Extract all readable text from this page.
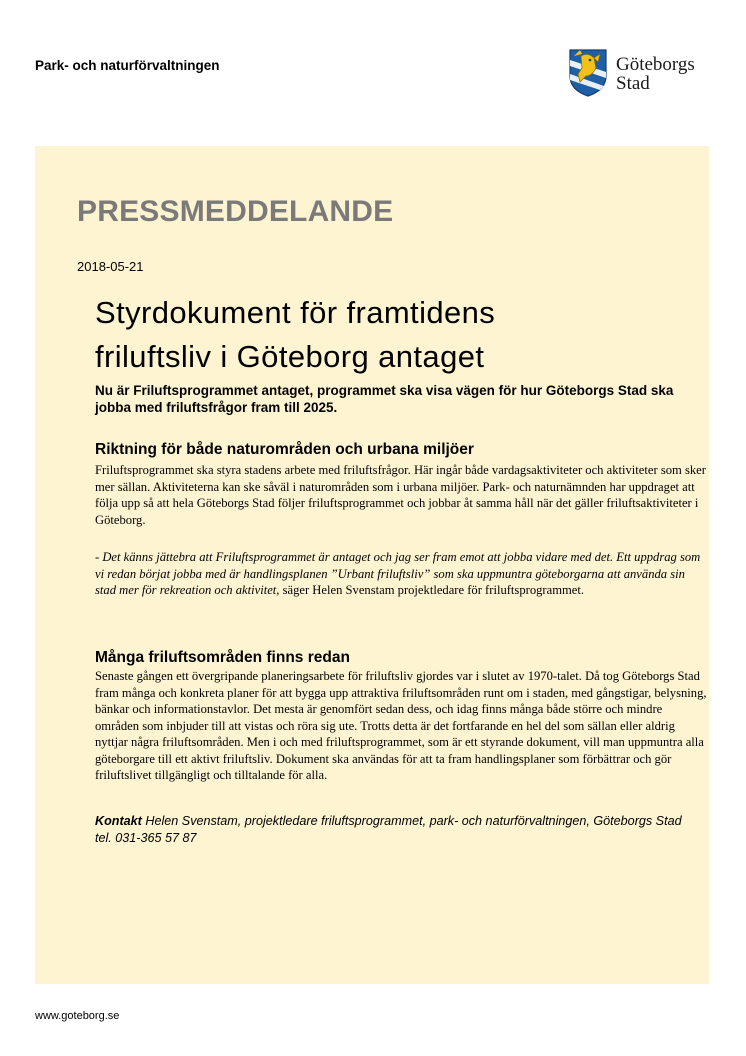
Park- och naturförvaltningen	Göteborgs
Stad
PRESSMEDDELANDE
2018-05-21
Styrdokument för framtidens
friluftsliv i Göteborg antaget
Nu är Friluftsprogrammet antaget, programmet ska visa vägen för hur Göteborgs Stad ska jobba med friluftsfrågor fram till 2025.
Riktning för både naturområden och urbana miljöer
Friluftsprogrammet ska styra stadens arbete med friluftsfrågor. Här ingår både vardagsaktiviteter och aktiviteter som sker mer sällan. Aktiviteterna kan ske såväl i naturområden som i urbana miljöer. Park- och naturnämnden har uppdraget att följa upp så att hela Göteborgs Stad följer friluftsprogrammet och jobbar åt samma håll när det gäller friluftsaktiviteter i Göteborg.
- Det känns jättebra att Friluftsprogrammet är antaget och jag ser fram emot att jobba vidare med det. Ett uppdrag som vi redan börjat jobba med är handlingsplanen ”Urbant friluftsliv” som ska uppmuntra göteborgarna att använda sin stad mer för rekreation och aktivitet, säger Helen Svenstam projektledare för friluftsprogrammet.
Många friluftsområden finns redan
Senaste gången ett övergripande planeringsarbete för friluftsliv gjordes var i slutet av 1970-talet. Då tog Göteborgs Stad fram många och konkreta planer för att bygga upp attraktiva friluftsområden runt om i staden, med gångstigar, belysning, bänkar och informationstavlor. Det mesta är genomfört sedan dess, och idag finns många både större och mindre områden som inbjuder till att vistas och röra sig ute. Trotts detta är det fortfarande en hel del som sällan eller aldrig nyttjar några friluftsområden. Men i och med friluftsprogrammet, som är ett styrande dokument, vill man uppmuntra alla göteborgare till ett aktivt friluftsliv. Dokument ska användas för att ta fram handlingsplaner som förbättrar och gör friluftslivet tillgängligt och tilltalande för alla.
Kontakt Helen Svenstam, projektledare friluftsprogrammet, park- och naturförvaltningen, Göteborgs Stad tel. 031-365 57 87
www.goteborg.se
